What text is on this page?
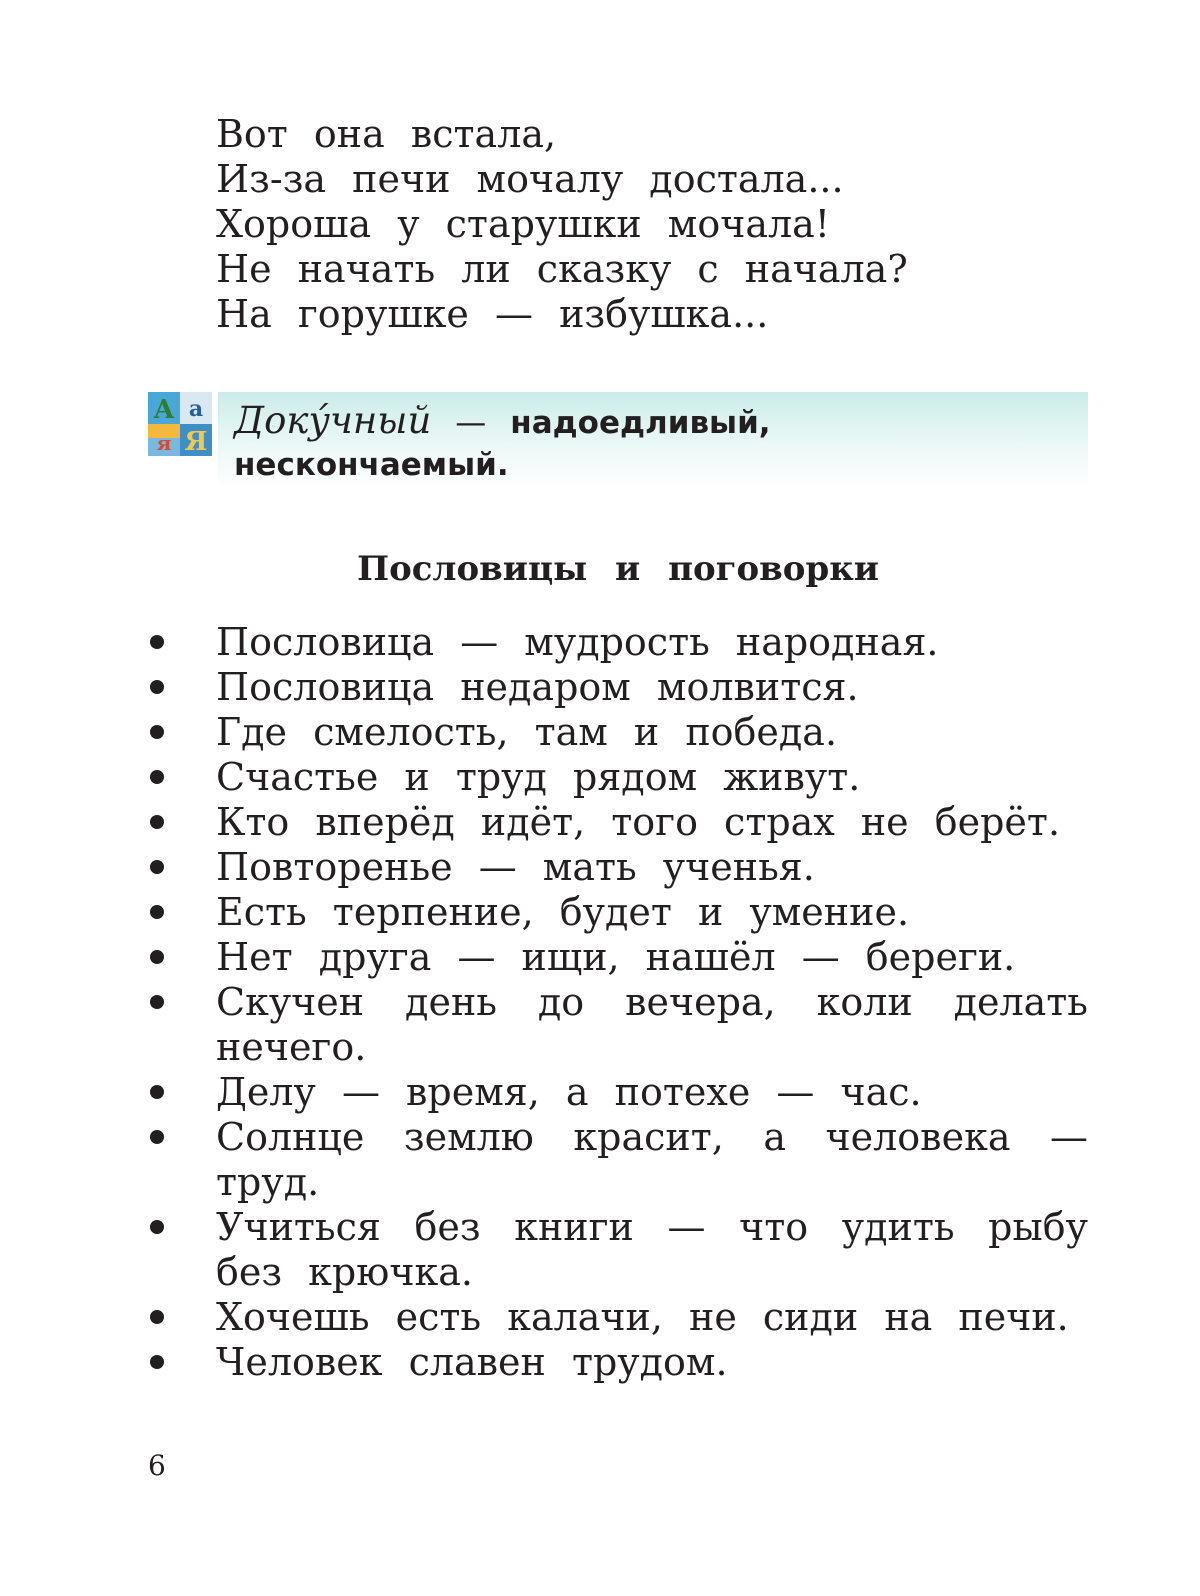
Вот она встала,
Из-за печи мочалу достала...
Хороша у старушки мочала!
Не начать ли сказку с начала?
На горушке — избушка...
А а
я Я Доку́чный — надоедливый, нескончаемый.
Пословицы и поговорки
Пословица — мудрость народная.
Пословица недаром молвится.
Где смелость, там и победа.
Счастье и труд рядом живут.
Кто вперёд идёт, того страх не берёт.
Повторенье — мать ученья.
Есть терпение, будет и умение.
Нет друга — ищи, нашёл — береги.
Скучен день до вечера, коли делать нечего.
Делу — время, а потехе — час.
Солнце землю красит, а человека — труд.
Учиться без книги — что удить рыбу без крючка.
Хочешь есть калачи, не сиди на печи.
Человек славен трудом.
6
